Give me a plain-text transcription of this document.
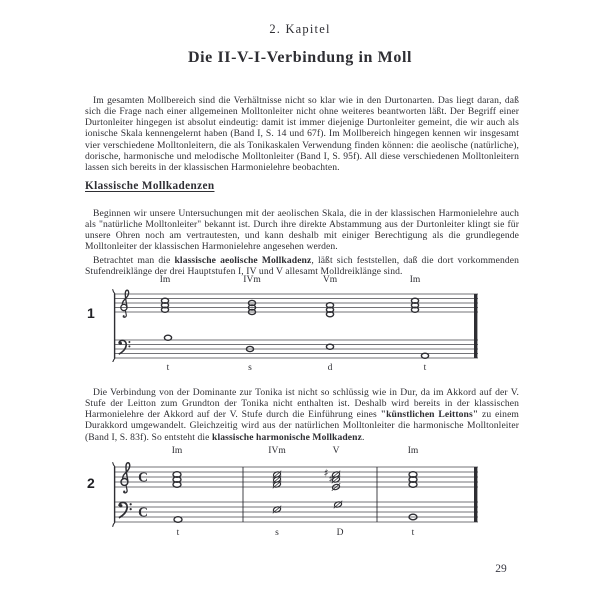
2. Kapitel
Die II-V-I-Verbindung in Moll

Im gesamten Mollbereich sind die Verhältnisse nicht so klar wie in den Durtonarten. Das liegt daran, daß sich die Frage nach einer allgemeinen Molltonleiter nicht ohne weiteres beantworten läßt. Der Begriff einer Durtonleiter hingegen ist absolut eindeutig: damit ist immer diejenige Durtonleiter gemeint, die wir auch als ionische Skala kennengelernt haben (Band I, S. 14 und 67f). Im Mollbereich hingegen kennen wir insgesamt vier verschiedene Molltonleitern, die als Tonikaskalen Verwendung finden können: die aeolische (natürliche), dorische, harmonische und melodische Molltonleiter (Band I, S. 95f). All diese verschiedenen Molltonleitern lassen sich bereits in der klassischen Harmonielehre beobachten.

Klassische Mollkadenzen

Beginnen wir unsere Untersuchungen mit der aeolischen Skala, die in der klassischen Harmonielehre auch als "natürliche Molltonleiter" bekannt ist. Durch ihre direkte Abstammung aus der Durtonleiter klingt sie für unsere Ohren noch am vertrautesten, und kann deshalb mit einiger Berechtigung als die grundlegende Molltonleiter der klassischen Harmonielehre angesehen werden.

Betrachtet man die klassische aeolische Mollkadenz, läßt sich feststellen, daß die dort vorkommenden Stufendreiklänge der drei Hauptstufen I, IV und V allesamt Molldreiklänge sind.

1
Im	IVm	Vm	Im
t	s	d	t

Die Verbindung von der Dominante zur Tonika ist nicht so schlüssig wie in Dur, da im Akkord auf der V. Stufe der Leitton zum Grundton der Tonika nicht enthalten ist. Deshalb wird bereits in der klassischen Harmonielehre der Akkord auf der V. Stufe durch die Einführung eines "künstlichen Leittons" zu einem Durakkord umgewandelt. Gleichzeitig wird aus der natürlichen Molltonleiter die harmonische Molltonleiter (Band I, S. 83f). So entsteht die klassische harmonische Mollkadenz.

2
Im	IVm	V	Im
C
C
♯ ♯
t	s	D	t
29
